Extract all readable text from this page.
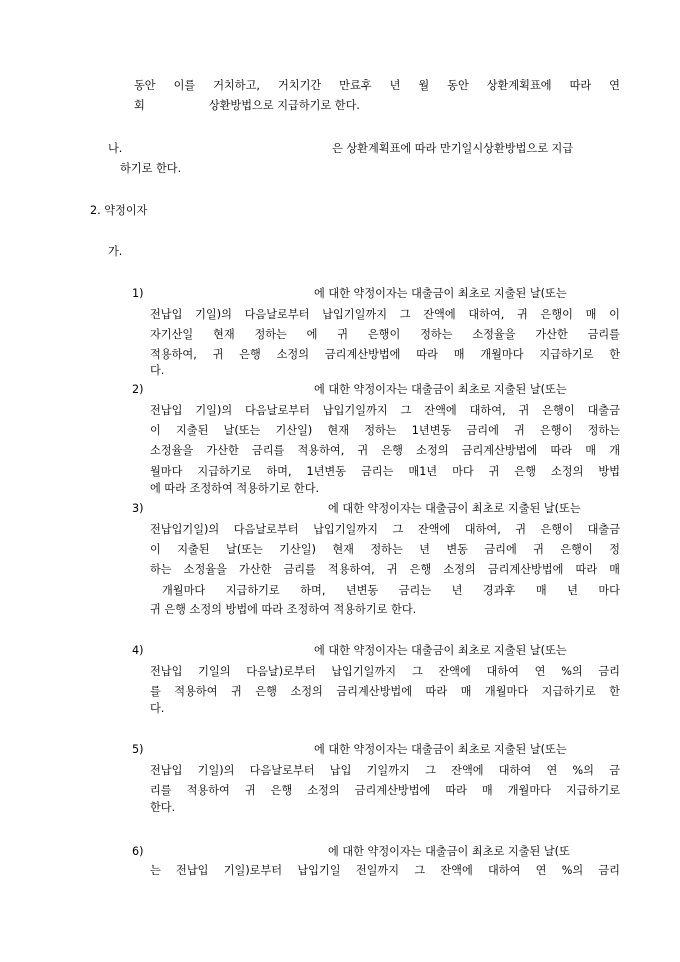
동안 이를 거치하고, 거치기간 만료후 년 월 동안 상환계획표에 따라 연
회                  상환방법으로 지급하기로 한다.
나.	은 상환계획표에 따라 만기일시상환방법으로 지급
하기로 한다.
2. 약정이자
가.
1)	에 대한 약정이자는 대출금이 최초로 지출된 날(또는
전납입 기일)의 다음날로부터 납입기일까지 그 잔액에 대하여, 귀 은행이 매 이
자기산일 현재 정하는 에 귀 은행이 정하는 소정율을 가산한 금리를
적용하여, 귀 은행 소정의 금리계산방법에 따라 매 개월마다 지급하기로 한
다.
2)	에 대한 약정이자는 대출금이 최초로 지출된 날(또는
전납입 기일)의 다음날로부터 납입기일까지 그 잔액에 대하여, 귀 은행이 대출금
이 지출된 날(또는 기산일) 현재 정하는 1년변동 금리에 귀 은행이 정하는
소정율을 가산한 금리를 적용하여, 귀 은행 소정의 금리계산방법에 따라 매 개
월마다 지급하기로 하며, 1년변동 금리는 매1년 마다 귀 은행 소정의 방법
에 따라 조정하여 적용하기로 한다.
3)	에 대한 약정이자는 대출금이 최초로 지출된 날(또는
전납입기일)의 다음날로부터 납입기일까지 그 잔액에 대하여, 귀 은행이 대출금
이 지출된 날(또는 기산일) 현재 정하는 년 변동 금리에 귀 은행이 정
하는 소정율을 가산한 금리를 적용하여, 귀 은행 소정의 금리계산방법에 따라 매
개월마다 지급하기로 하며, 년변동 금리는 년 경과후 매 년 마다
귀 은행 소정의 방법에 따라 조정하여 적용하기로 한다.
4)	에 대한 약정이자는 대출금이 최초로 지출된 날(또는
전납입 기일의 다음날)로부터 납입기일까지 그 잔액에 대하여 연 %의 금리
를 적용하여 귀 은행 소정의 금리계산방법에 따라 매 개월마다 지급하기로 한
다.
5)	에 대한 약정이자는 대출금이 최초로 지출된 날(또는
전납입 기일)의 다음날로부터 납입 기일까지 그 잔액에 대하여 연 %의 금
리를 적용하여 귀 은행 소정의 금리계산방법에 따라 매 개월마다 지급하기로
한다.
6)	에 대한 약정이자는 대출금이 최초로 지출된 날(또
는 전납입 기일)로부터 납입기일 전일까지 그 잔액에 대하여 연 %의 금리
